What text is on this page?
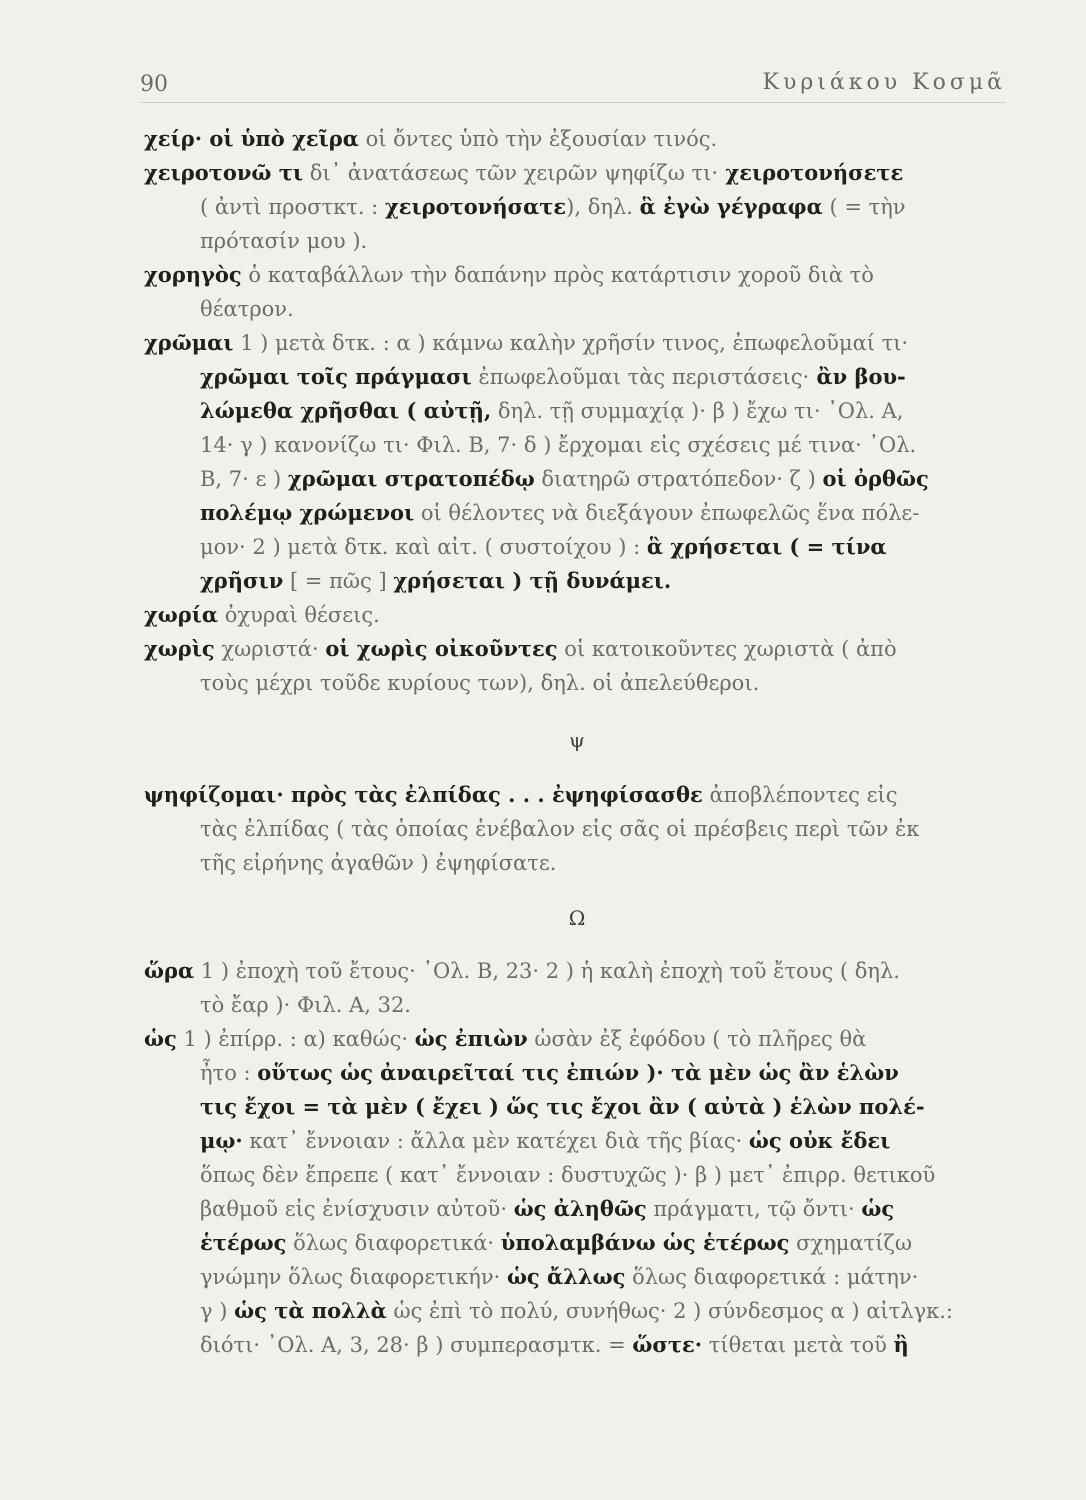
90	Κυριάκου Κοσμᾶ

χείρ· οἱ ὑπὸ χεῖρα οἱ ὄντες ὑπὸ τὴν ἐξουσίαν τινός.

χειροτονῶ τι δι᾽ ἀνατάσεως τῶν χειρῶν ψηφίζω τι· χειροτονήσετε
( ἀντὶ προστκτ. : χειροτονήσατε), δηλ. ἃ ἐγὼ γέγραφα ( = τὴν
πρότασίν μου ).

χορηγὸς ὁ καταβάλλων τὴν δαπάνην πρὸς κατάρτισιν χοροῦ διὰ τὸ
θέατρον.

χρῶμαι 1 ) μετὰ δτκ. : α ) κάμνω καλὴν χρῆσίν τινος, ἐπωφελοῦμαί τι·
χρῶμαι τοῖς πράγμασι ἐπωφελοῦμαι τὰς περιστάσεις· ἂν βου-
λώμεθα χρῆσθαι ( αὐτῇ, δηλ. τῇ συμμαχίᾳ )· β ) ἔχω τι· ᾿Ολ. Α,
14· γ ) κανονίζω τι· Φιλ. Β, 7· δ ) ἔρχομαι εἰς σχέσεις μέ τινα· ᾿Ολ.
Β, 7· ε ) χρῶμαι στρατοπέδῳ διατηρῶ στρατόπεδον· ζ ) οἱ ὀρθῶς
πολέμῳ χρώμενοι οἱ θέλοντες νὰ διεξάγουν ἐπωφελῶς ἕνα πόλε-
μον· 2 ) μετὰ δτκ. καὶ αἰτ. ( συστοίχου ) : ἃ χρήσεται ( = τίνα
χρῆσιν [ = πῶς ] χρήσεται ) τῇ δυνάμει.

χωρία ὀχυραὶ θέσεις.

χωρὶς χωριστά· οἱ χωρὶς οἰκοῦντες οἱ κατοικοῦντες χωριστὰ ( ἀπὸ
τοὺς μέχρι τοῦδε κυρίους των), δηλ. οἱ ἀπελεύθεροι.

ψ

ψηφίζομαι· πρὸς τὰς ἐλπίδας . . . ἐψηφίσασθε ἀποβλέποντες εἰς
τὰς ἐλπίδας ( τὰς ὁποίας ἐνέβαλον εἰς σᾶς οἱ πρέσβεις περὶ τῶν ἐκ
τῆς εἰρήνης ἀγαθῶν ) ἐψηφίσατε.

Ω

ὥρα 1 ) ἐποχὴ τοῦ ἔτους· ᾿Ολ. Β, 23· 2 ) ἡ καλὴ ἐποχὴ τοῦ ἔτους ( δηλ.
τὸ ἔαρ )· Φιλ. Α, 32.

ὡς 1 ) ἐπίρρ. : α) καθώς· ὡς ἐπιὼν ὡσὰν ἐξ ἐφόδου ( τὸ πλῆρες θὰ
ἦτο : οὕτως ὡς ἀναιρεῖταί τις ἐπιών )· τὰ μὲν ὡς ἂν ἑλὼν
τις ἔχοι = τὰ μὲν ( ἔχει ) ὥς τις ἔχοι ἂν ( αὐτὰ ) ἑλὼν πολέ-
μῳ· κατ᾽ ἔννοιαν : ἄλλα μὲν κατέχει διὰ τῆς βίας· ὡς οὐκ ἔδει
ὅπως δὲν ἔπρεπε ( κατ᾽ ἔννοιαν : δυστυχῶς )· β ) μετ᾽ ἐπιρρ. θετικοῦ
βαθμοῦ εἰς ἐνίσχυσιν αὐτοῦ· ὡς ἀληθῶς πράγματι, τῷ ὄντι· ὡς
ἑτέρως ὅλως διαφορετικά· ὑπολαμβάνω ὡς ἑτέρως σχηματίζω
γνώμην ὅλως διαφορετικήν· ὡς ἄλλως ὅλως διαφορετικά : μάτην·
γ ) ὡς τὰ πολλὰ ὡς ἐπὶ τὸ πολύ, συνήθως· 2 ) σύνδεσμος α ) αἰτλγκ.:
διότι· ᾿Ολ. Α, 3, 28· β ) συμπερασμτκ. = ὥστε· τίθεται μετὰ τοῦ ἢ
